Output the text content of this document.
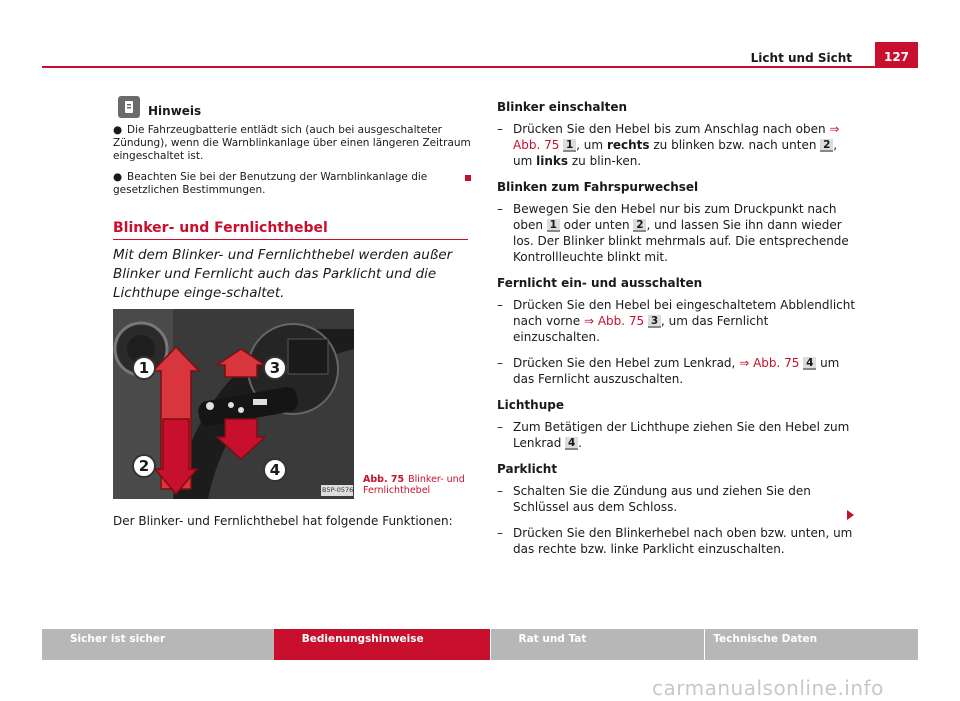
Licht und Sicht	127
Hinweis
● Die Fahrzeugbatterie entlädt sich (auch bei ausgeschalteter Zündung), wenn die Warnblinkanlage über einen längeren Zeitraum eingeschaltet ist.
● Beachten Sie bei der Benutzung der Warnblinkanlage die gesetzlichen Bestimmungen.
Blinker- und Fernlichthebel
Mit dem Blinker- und Fernlichthebel werden außer Blinker und Fernlicht auch das Parklicht und die Lichthupe einge-schaltet.
1
2
3
4
B5P-0576
Abb. 75 Blinker- und Fernlichthebel
Der Blinker- und Fernlichthebel hat folgende Funktionen:
Blinker einschalten
– Drücken Sie den Hebel bis zum Anschlag nach oben ⇒ Abb. 75 1 , um rechts zu blinken bzw. nach unten 2 , um links zu blin-ken.
Blinken zum Fahrspurwechsel
– Bewegen Sie den Hebel nur bis zum Druckpunkt nach oben 1 oder unten 2 , und lassen Sie ihn dann wieder los. Der Blinker blinkt mehrmals auf. Die entsprechende Kontrollleuchte blinkt mit.
Fernlicht ein- und ausschalten
– Drücken Sie den Hebel bei eingeschaltetem Abblendlicht nach vorne ⇒ Abb. 75 3 , um das Fernlicht einzuschalten.
– Drücken Sie den Hebel zum Lenkrad, ⇒ Abb. 75 4 um das Fernlicht auszuschalten.
Lichthupe
– Zum Betätigen der Lichthupe ziehen Sie den Hebel zum Lenkrad 4 .
Parklicht
– Schalten Sie die Zündung aus und ziehen Sie den Schlüssel aus dem Schloss.
– Drücken Sie den Blinkerhebel nach oben bzw. unten, um das rechte bzw. linke Parklicht einzuschalten.
Sicher ist sicher	Bedienungshinweise	Rat und Tat	Technische Daten
carmanualsonline.info
